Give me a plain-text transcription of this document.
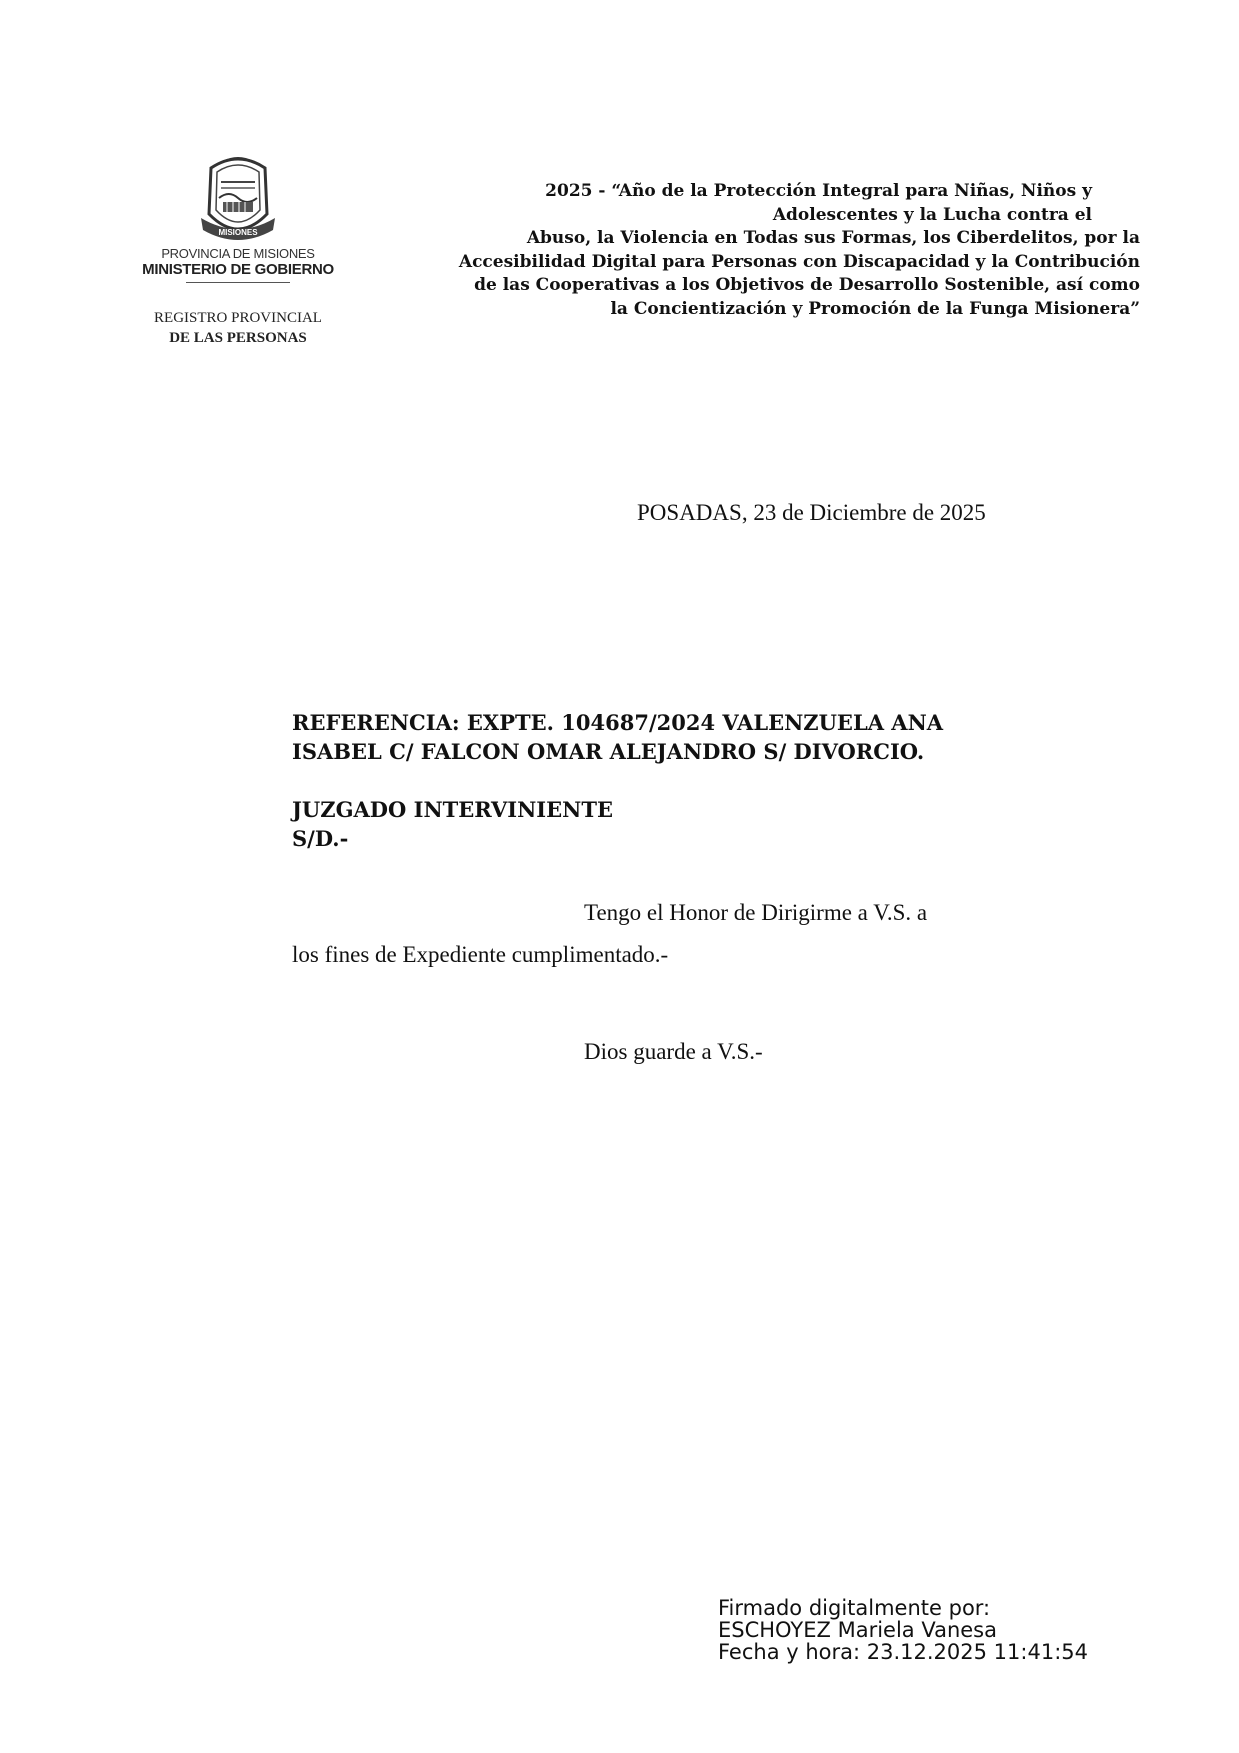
MISIONES
PROVINCIA DE MISIONES
MINISTERIO DE GOBIERNO
REGISTRO PROVINCIAL
DE LAS PERSONAS
2025 - “Año de la Protección Integral para Niñas, Niños y
Adolescentes y la Lucha contra el
Abuso, la Violencia en Todas sus Formas, los Ciberdelitos, por la
Accesibilidad Digital para Personas con Discapacidad y la Contribución
de las Cooperativas a los Objetivos de Desarrollo Sostenible, así como
la Concientización y Promoción de la Funga Misionera”
POSADAS, 23 de Diciembre de 2025
REFERENCIA: EXPTE. 104687/2024 VALENZUELA ANA
ISABEL C/ FALCON OMAR ALEJANDRO S/ DIVORCIO.
JUZGADO INTERVINIENTE
S/D.-
Tengo el Honor de Dirigirme a V.S. a
los fines de Expediente cumplimentado.-
Dios guarde a V.S.-
Firmado digitalmente por:
ESCHOYEZ Mariela Vanesa
Fecha y hora: 23.12.2025 11:41:54
